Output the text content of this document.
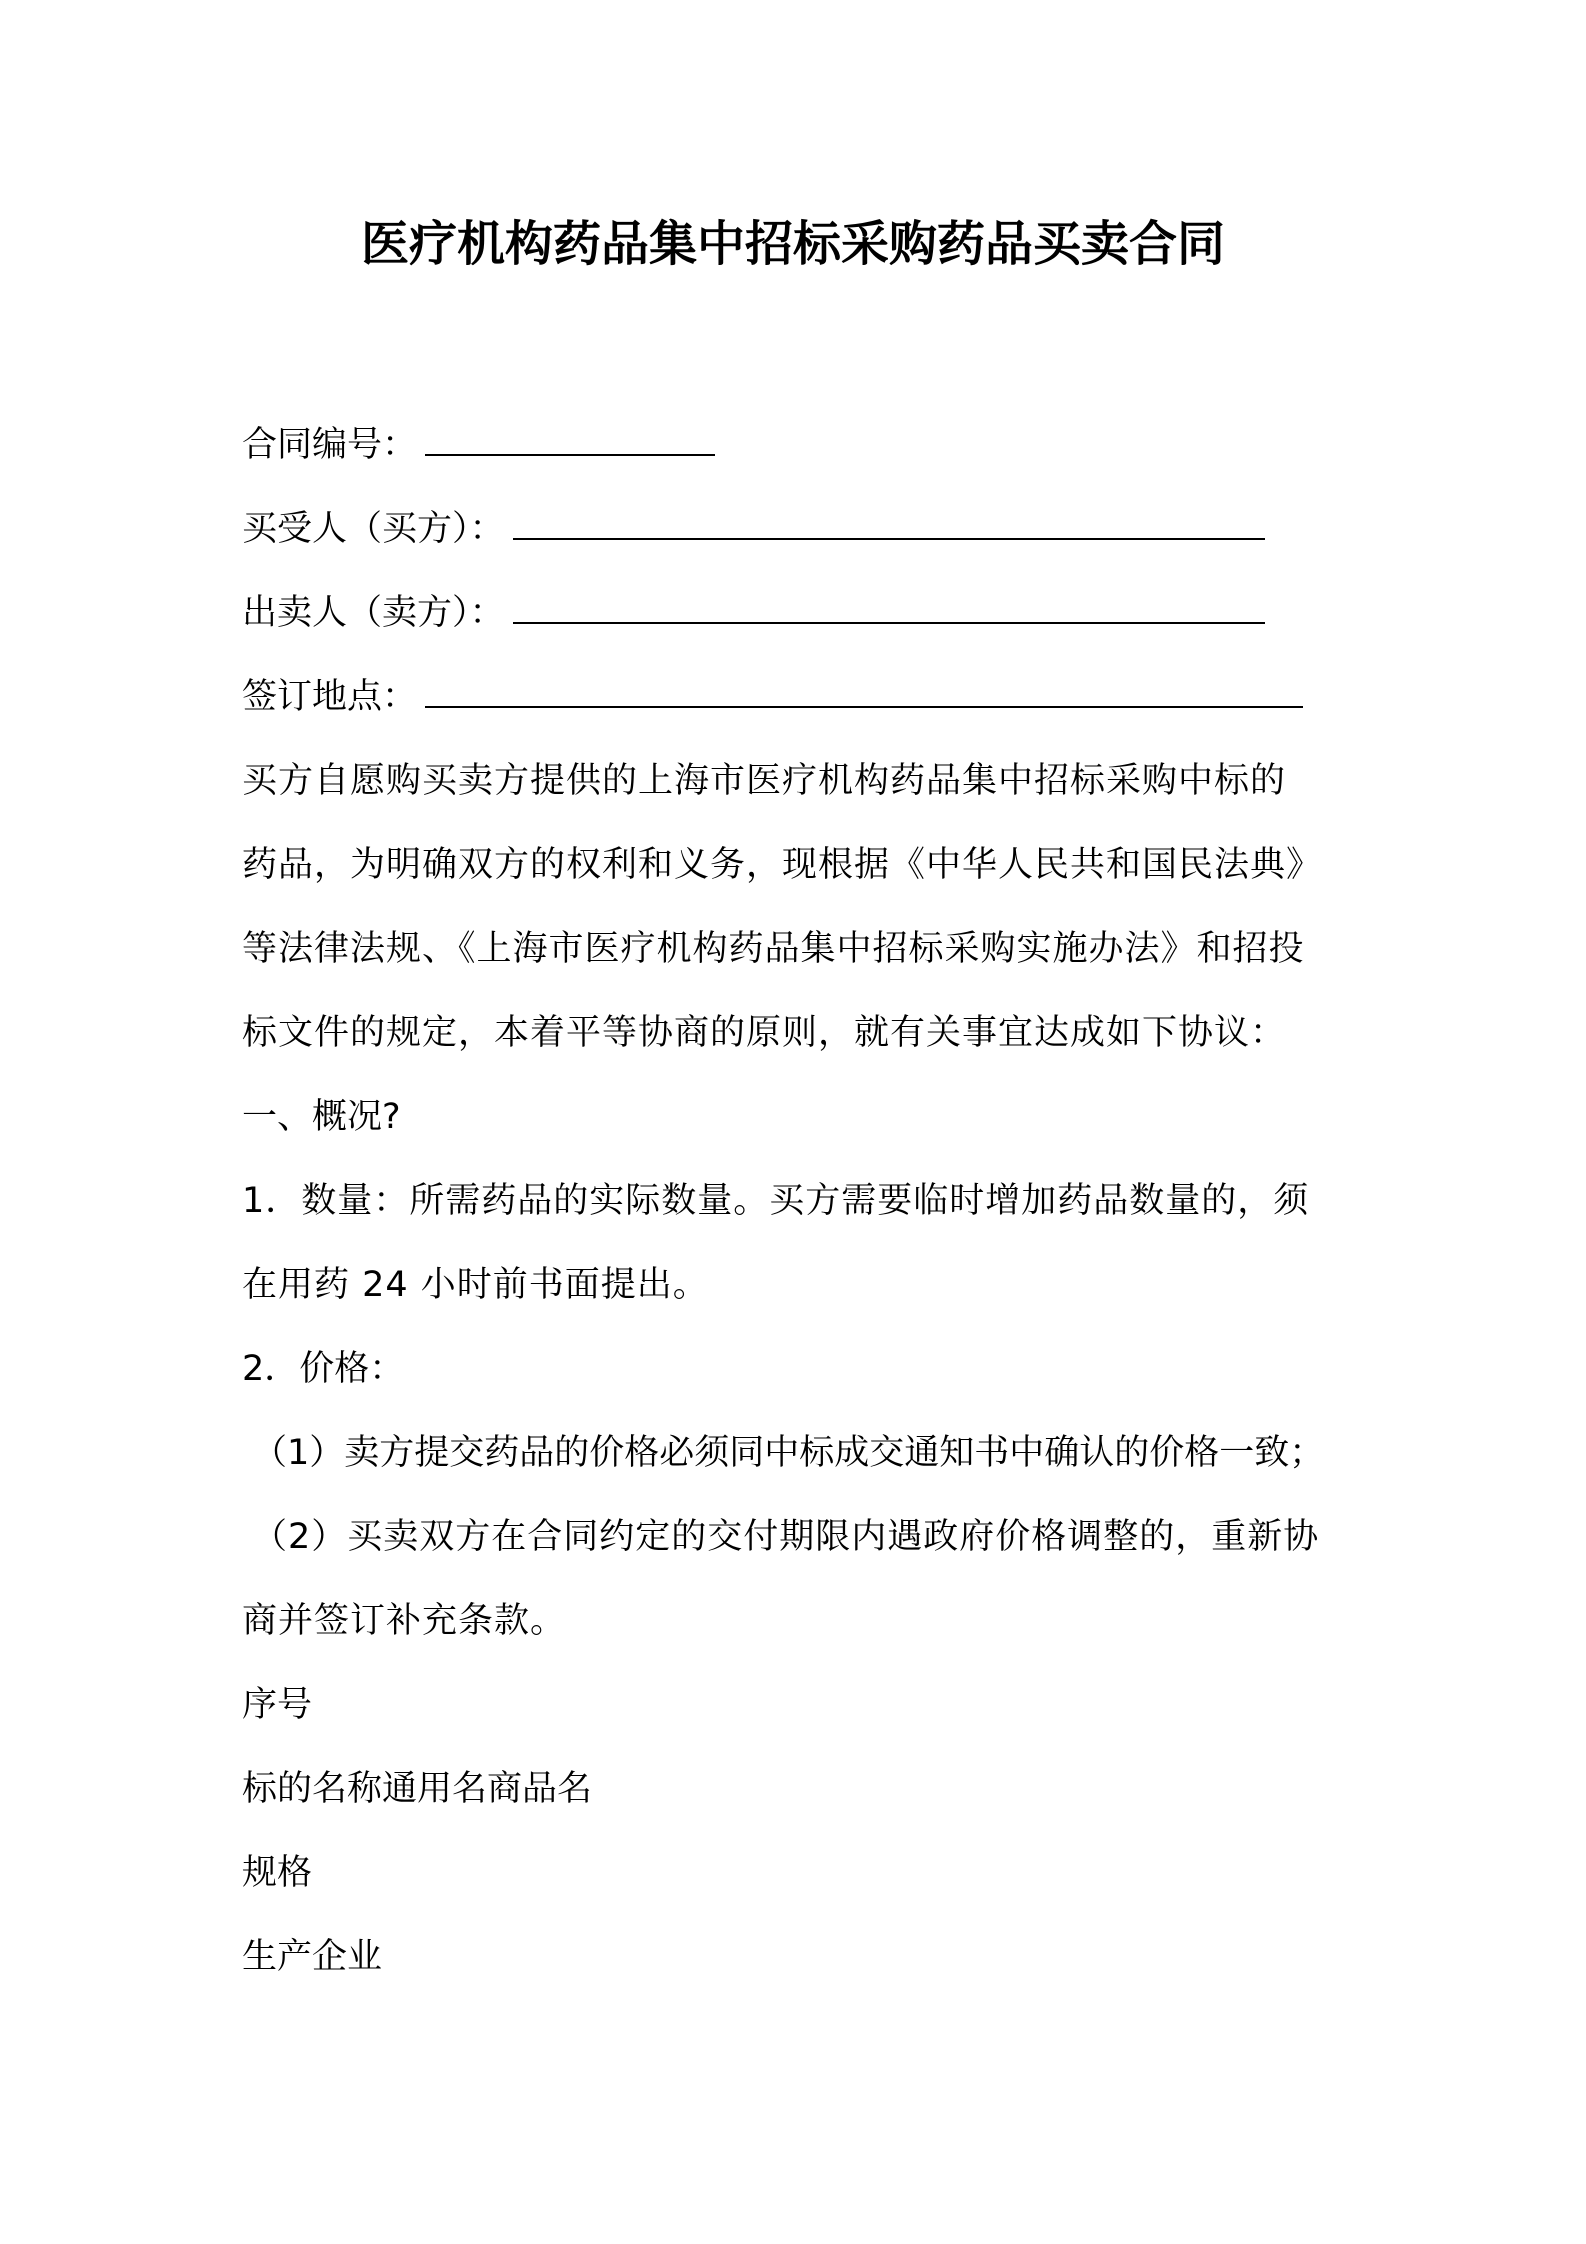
医疗机构药品集中招标采购药品买卖合同
合同编号：
买受人（买方）：
出卖人（卖方）：
签订地点：
买方自愿购买卖方提供的上海市医疗机构药品集中招标采购中标的
药品，为明确双方的权利和义务，现根据《中华人民共和国民法典》
等法律法规、《上海市医疗机构药品集中招标采购实施办法》和招投
标文件的规定，本着平等协商的原则，就有关事宜达成如下协议：
一、概况?
1．数量：所需药品的实际数量。买方需要临时增加药品数量的，须
在用药 24 小时前书面提出。
2．价格：
（1）卖方提交药品的价格必须同中标成交通知书中确认的价格一致；
（2）买卖双方在合同约定的交付期限内遇政府价格调整的，重新协
商并签订补充条款。
序号
标的名称通用名商品名
规格
生产企业
